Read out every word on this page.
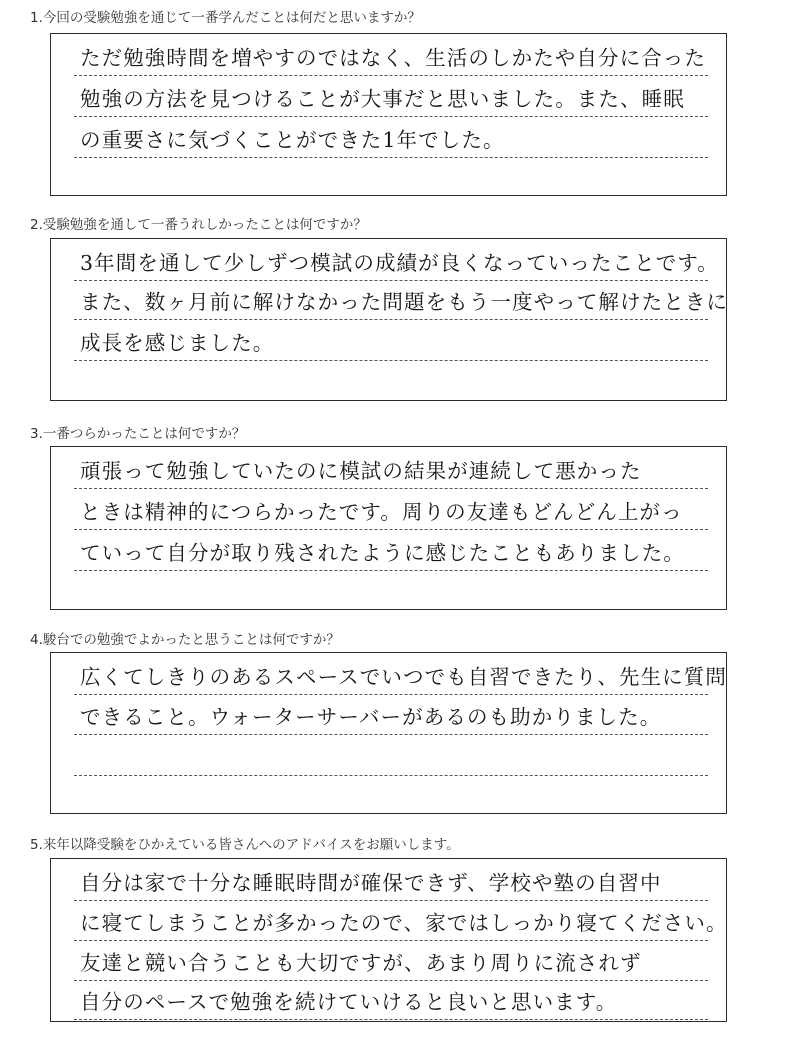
1.今回の受験勉強を通じて一番学んだことは何だと思いますか？
ただ勉強時間を増やすのではなく、生活のしかたや自分に合った
勉強の方法を見つけることが大事だと思いました。また、睡眠
の重要さに気づくことができた1年でした。
2.受験勉強を通して一番うれしかったことは何ですか？
3年間を通して少しずつ模試の成績が良くなっていったことです。
また、数ヶ月前に解けなかった問題をもう一度やって解けたときに
成長を感じました。
3.一番つらかったことは何ですか？
頑張って勉強していたのに模試の結果が連続して悪かった
ときは精神的につらかったです。周りの友達もどんどん上がっ
ていって自分が取り残されたように感じたこともありました。
4.駿台での勉強でよかったと思うことは何ですか？
広くてしきりのあるスペースでいつでも自習できたり、先生に質問
できること。ウォーターサーバーがあるのも助かりました。
5.来年以降受験をひかえている皆さんへのアドバイスをお願いします。
自分は家で十分な睡眠時間が確保できず、学校や塾の自習中
に寝てしまうことが多かったので、家ではしっかり寝てください。
友達と競い合うことも大切ですが、あまり周りに流されず
自分のペースで勉強を続けていけると良いと思います。
